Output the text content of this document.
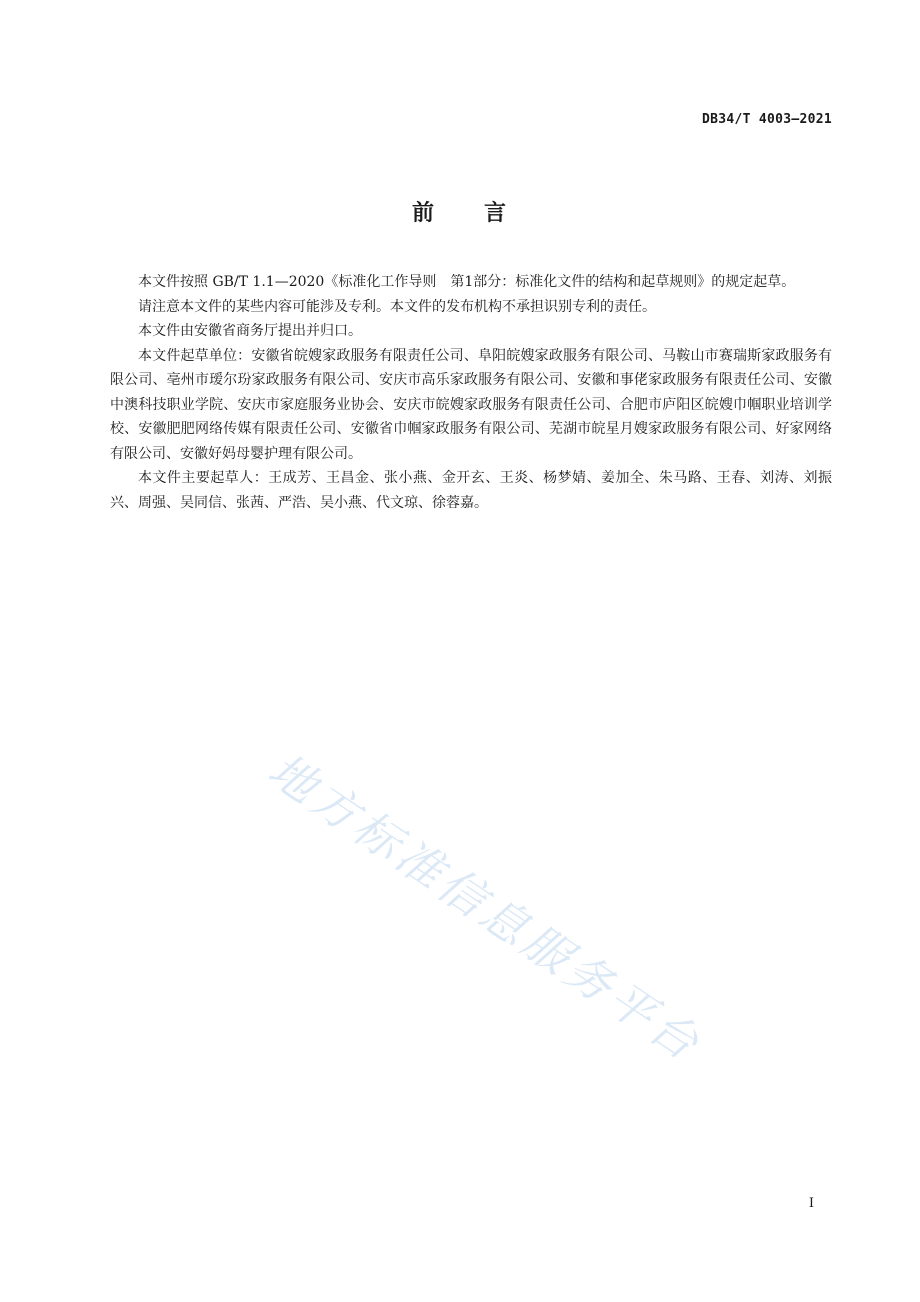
DB34/T 4003—2021
前　　言

本文件按照 GB/T 1.1—2020《标准化工作导则　第1部分：标准化文件的结构和起草规则》的规定起草。

请注意本文件的某些内容可能涉及专利。本文件的发布机构不承担识别专利的责任。

本文件由安徽省商务厅提出并归口。

本文件起草单位：安徽省皖嫂家政服务有限责任公司、阜阳皖嫂家政服务有限公司、马鞍山市赛瑞斯家政服务有限公司、亳州市瑷尔玢家政服务有限公司、安庆市高乐家政服务有限公司、安徽和事佬家政服务有限责任公司、安徽中澳科技职业学院、安庆市家庭服务业协会、安庆市皖嫂家政服务有限责任公司、合肥市庐阳区皖嫂巾帼职业培训学校、安徽肥肥网络传媒有限责任公司、安徽省巾帼家政服务有限公司、芜湖市皖星月嫂家政服务有限公司、好家网络有限公司、安徽好妈母婴护理有限公司。

本文件主要起草人：王成芳、王昌金、张小燕、金开玄、王炎、杨梦婧、姜加全、朱马路、王春、刘涛、刘振兴、周强、吴同信、张茜、严浩、吴小燕、代文琼、徐蓉嘉。

地方标准信息服务平台
I
